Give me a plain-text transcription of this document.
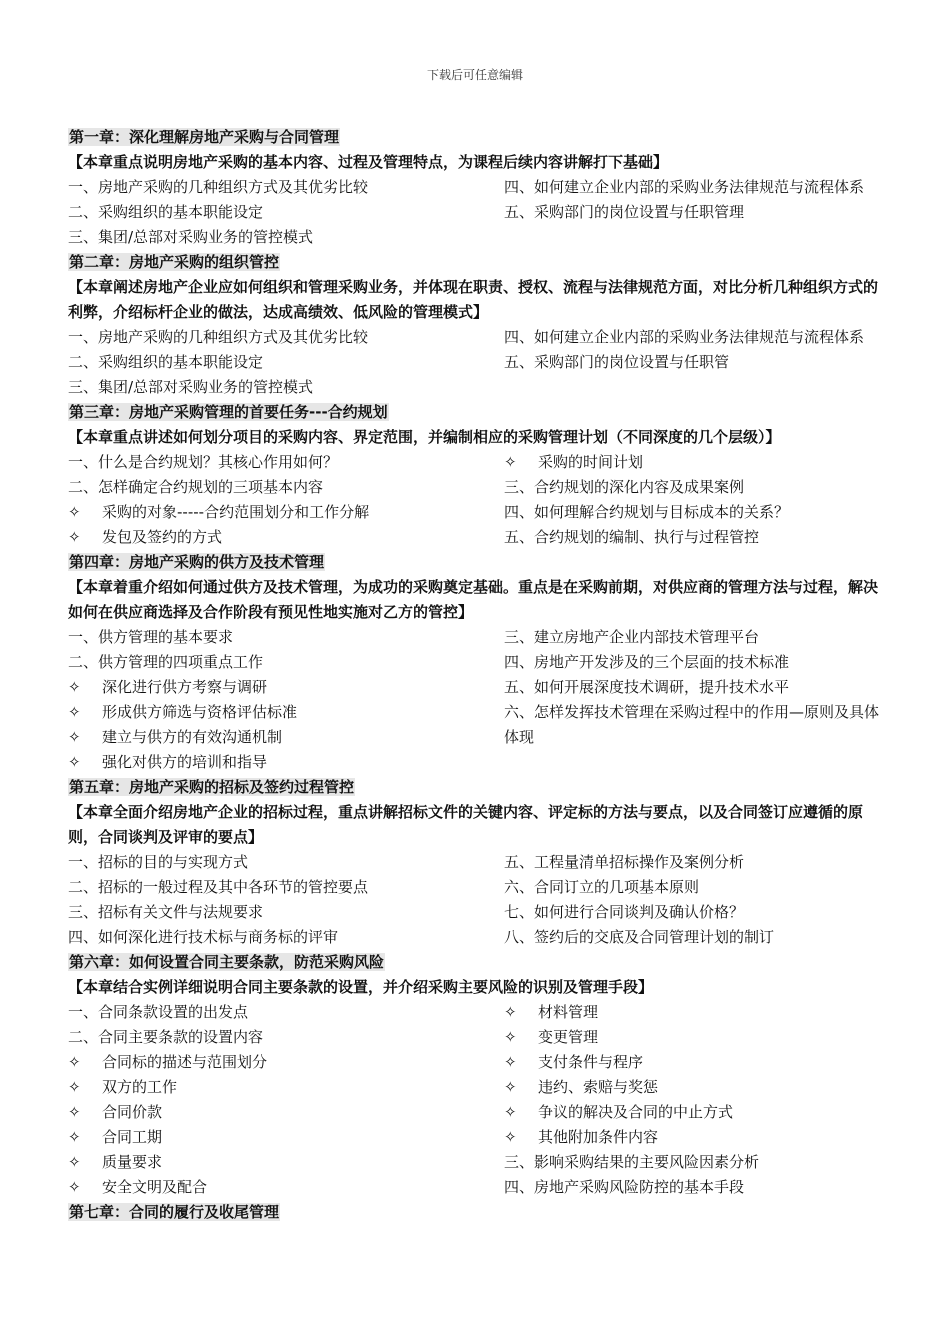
下载后可任意编辑
第一章：深化理解房地产采购与合同管理
【本章重点说明房地产采购的基本内容、过程及管理特点，为课程后续内容讲解打下基础】
一、房地产采购的几种组织方式及其优劣比较
二、采购组织的基本职能设定
三、集团/总部对采购业务的管控模式
四、如何建立企业内部的采购业务法律规范与流程体系
五、采购部门的岗位设置与任职管理
第二章：房地产采购的组织管控
【本章阐述房地产企业应如何组织和管理采购业务，并体现在职责、授权、流程与法律规范方面，对比分析几种组织方式的利弊，介绍标杆企业的做法，达成高绩效、低风险的管理模式】
一、房地产采购的几种组织方式及其优劣比较
二、采购组织的基本职能设定
三、集团/总部对采购业务的管控模式
四、如何建立企业内部的采购业务法律规范与流程体系
五、采购部门的岗位设置与任职管
第三章：房地产采购管理的首要任务---合约规划
【本章重点讲述如何划分项目的采购内容、界定范围，并编制相应的采购管理计划（不同深度的几个层级）】
一、什么是合约规划？其核心作用如何？
二、怎样确定合约规划的三项基本内容
✧ 采购的对象-----合约范围划分和工作分解
✧ 发包及签约的方式
✧ 采购的时间计划
三、合约规划的深化内容及成果案例
四、如何理解合约规划与目标成本的关系？
五、合约规划的编制、执行与过程管控
第四章：房地产采购的供方及技术管理
【本章着重介绍如何通过供方及技术管理，为成功的采购奠定基础。重点是在采购前期，对供应商的管理方法与过程，解决如何在供应商选择及合作阶段有预见性地实施对乙方的管控】
一、供方管理的基本要求
二、供方管理的四项重点工作
✧ 深化进行供方考察与调研
✧ 形成供方筛选与资格评估标准
✧ 建立与供方的有效沟通机制
✧ 强化对供方的培训和指导
三、建立房地产企业内部技术管理平台
四、房地产开发涉及的三个层面的技术标准
五、如何开展深度技术调研，提升技术水平
六、怎样发挥技术管理在采购过程中的作用—原则及具体体现
第五章：房地产采购的招标及签约过程管控
【本章全面介绍房地产企业的招标过程，重点讲解招标文件的关键内容、评定标的方法与要点，以及合同签订应遵循的原则，合同谈判及评审的要点】
一、招标的目的与实现方式
二、招标的一般过程及其中各环节的管控要点
三、招标有关文件与法规要求
四、如何深化进行技术标与商务标的评审
五、工程量清单招标操作及案例分析
六、合同订立的几项基本原则
七、如何进行合同谈判及确认价格？
八、签约后的交底及合同管理计划的制订
第六章：如何设置合同主要条款，防范采购风险
【本章结合实例详细说明合同主要条款的设置，并介绍采购主要风险的识别及管理手段】
一、合同条款设置的出发点
二、合同主要条款的设置内容
✧ 合同标的描述与范围划分
✧ 双方的工作
✧ 合同价款
✧ 合同工期
✧ 质量要求
✧ 安全文明及配合
✧ 材料管理
✧ 变更管理
✧ 支付条件与程序
✧ 违约、索赔与奖惩
✧ 争议的解决及合同的中止方式
✧ 其他附加条件内容
三、影响采购结果的主要风险因素分析
四、房地产采购风险防控的基本手段
第七章：合同的履行及收尾管理
